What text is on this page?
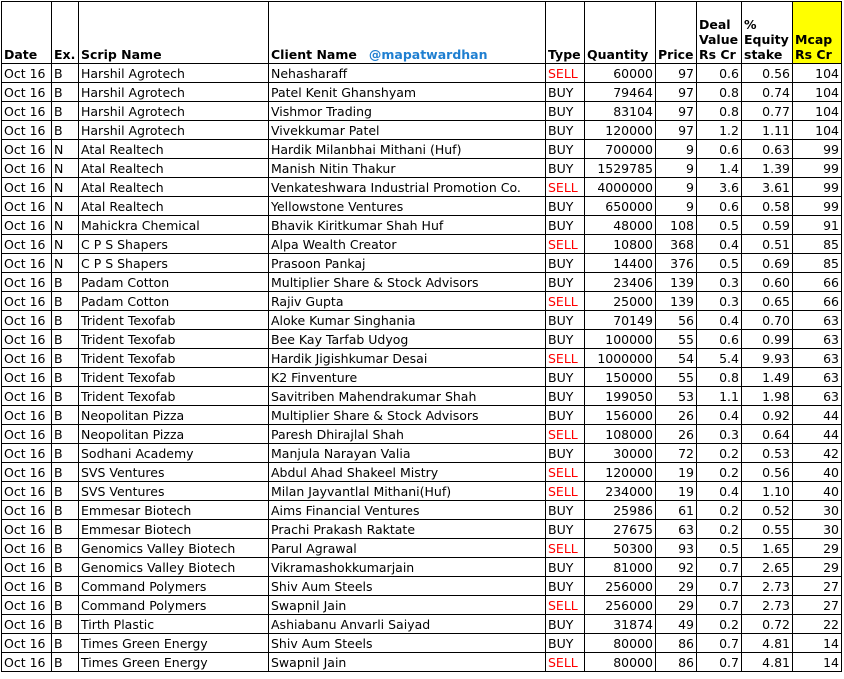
Date	Ex.	Scrip Name	Client Name @mapatwardhan	Type	Quantity	Price	Deal Value Rs Cr	% Equity stake	Mcap Rs Cr
Oct 16	B	Harshil Agrotech	Nehasharaff	SELL	60000	97	0.6	0.56	104
Oct 16	B	Harshil Agrotech	Patel Kenit Ghanshyam	BUY	79464	97	0.8	0.74	104
Oct 16	B	Harshil Agrotech	Vishmor Trading	BUY	83104	97	0.8	0.77	104
Oct 16	B	Harshil Agrotech	Vivekkumar Patel	BUY	120000	97	1.2	1.11	104
Oct 16	N	Atal Realtech	Hardik Milanbhai Mithani (Huf)	BUY	700000	9	0.6	0.63	99
Oct 16	N	Atal Realtech	Manish Nitin Thakur	BUY	1529785	9	1.4	1.39	99
Oct 16	N	Atal Realtech	Venkateshwara Industrial Promotion Co.	SELL	4000000	9	3.6	3.61	99
Oct 16	N	Atal Realtech	Yellowstone Ventures	BUY	650000	9	0.6	0.58	99
Oct 16	N	Mahickra Chemical	Bhavik Kiritkumar Shah Huf	BUY	48000	108	0.5	0.59	91
Oct 16	N	C P S Shapers	Alpa Wealth Creator	SELL	10800	368	0.4	0.51	85
Oct 16	N	C P S Shapers	Prasoon Pankaj	BUY	14400	376	0.5	0.69	85
Oct 16	B	Padam Cotton	Multiplier Share & Stock Advisors	BUY	23406	139	0.3	0.60	66
Oct 16	B	Padam Cotton	Rajiv Gupta	SELL	25000	139	0.3	0.65	66
Oct 16	B	Trident Texofab	Aloke Kumar Singhania	BUY	70149	56	0.4	0.70	63
Oct 16	B	Trident Texofab	Bee Kay Tarfab Udyog	BUY	100000	55	0.6	0.99	63
Oct 16	B	Trident Texofab	Hardik Jigishkumar Desai	SELL	1000000	54	5.4	9.93	63
Oct 16	B	Trident Texofab	K2 Finventure	BUY	150000	55	0.8	1.49	63
Oct 16	B	Trident Texofab	Savitriben Mahendrakumar Shah	BUY	199050	53	1.1	1.98	63
Oct 16	B	Neopolitan Pizza	Multiplier Share & Stock Advisors	BUY	156000	26	0.4	0.92	44
Oct 16	B	Neopolitan Pizza	Paresh Dhirajlal Shah	SELL	108000	26	0.3	0.64	44
Oct 16	B	Sodhani Academy	Manjula Narayan Valia	BUY	30000	72	0.2	0.53	42
Oct 16	B	SVS Ventures	Abdul Ahad Shakeel Mistry	SELL	120000	19	0.2	0.56	40
Oct 16	B	SVS Ventures	Milan Jayvantlal Mithani(Huf)	SELL	234000	19	0.4	1.10	40
Oct 16	B	Emmesar Biotech	Aims Financial Ventures	BUY	25986	61	0.2	0.52	30
Oct 16	B	Emmesar Biotech	Prachi Prakash Raktate	BUY	27675	63	0.2	0.55	30
Oct 16	B	Genomics Valley Biotech	Parul Agrawal	SELL	50300	93	0.5	1.65	29
Oct 16	B	Genomics Valley Biotech	Vikramashokkumarjain	BUY	81000	92	0.7	2.65	29
Oct 16	B	Command Polymers	Shiv Aum Steels	BUY	256000	29	0.7	2.73	27
Oct 16	B	Command Polymers	Swapnil Jain	SELL	256000	29	0.7	2.73	27
Oct 16	B	Tirth Plastic	Ashiabanu Anvarli Saiyad	BUY	31874	49	0.2	0.72	22
Oct 16	B	Times Green Energy	Shiv Aum Steels	BUY	80000	86	0.7	4.81	14
Oct 16	B	Times Green Energy	Swapnil Jain	SELL	80000	86	0.7	4.81	14
